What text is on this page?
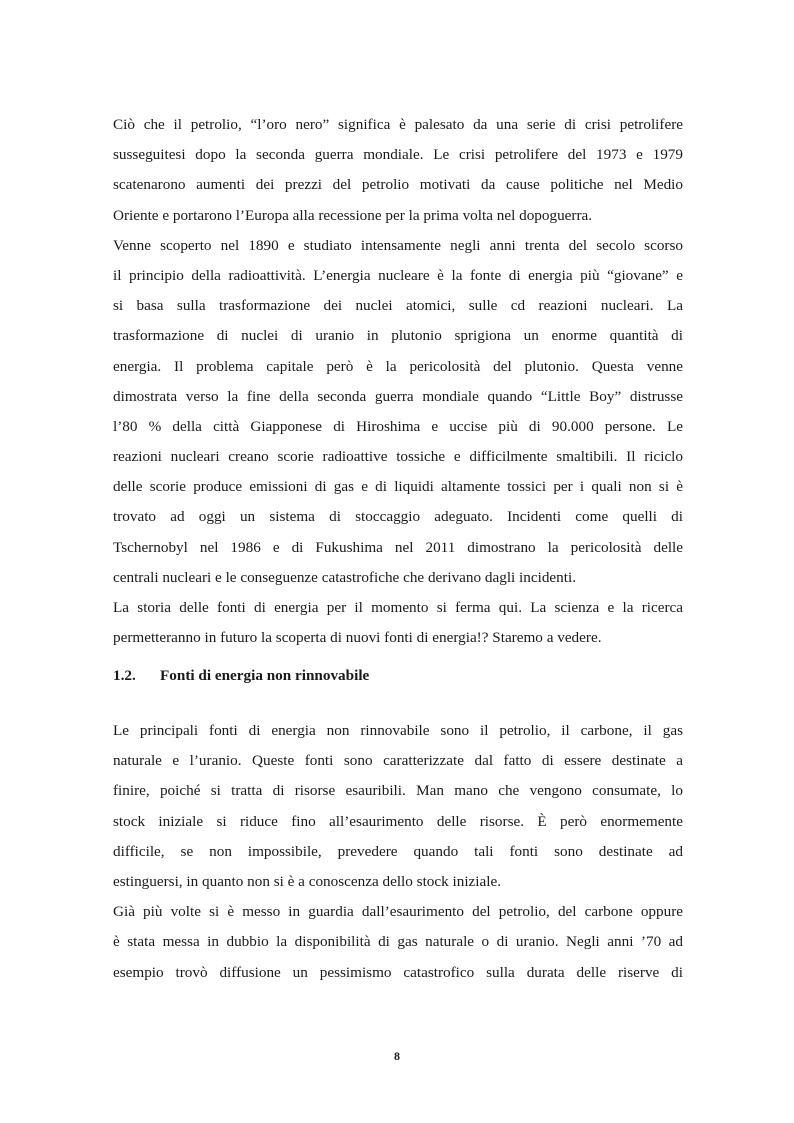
Ciò che il petrolio, “l’oro nero” significa è palesato da una serie di crisi petrolifere
susseguitesi dopo la seconda guerra mondiale. Le crisi petrolifere del 1973 e 1979
scatenarono aumenti dei prezzi del petrolio motivati da cause politiche nel Medio
Oriente e portarono l’Europa alla recessione per la prima volta nel dopoguerra.
Venne scoperto nel 1890 e studiato intensamente negli anni trenta del secolo scorso
il principio della radioattività. L’energia nucleare è la fonte di energia più “giovane” e
si basa sulla trasformazione dei nuclei atomici, sulle cd reazioni nucleari. La
trasformazione di nuclei di uranio in plutonio sprigiona un enorme quantità di
energia. Il problema capitale però è la pericolosità del plutonio. Questa venne
dimostrata verso la fine della seconda guerra mondiale quando “Little Boy” distrusse
l’80 % della città Giapponese di Hiroshima e uccise più di 90.000 persone. Le
reazioni nucleari creano scorie radioattive tossiche e difficilmente smaltibili. Il riciclo
delle scorie produce emissioni di gas e di liquidi altamente tossici per i quali non si è
trovato ad oggi un sistema di stoccaggio adeguato. Incidenti come quelli di
Tschernobyl nel 1986 e di Fukushima nel 2011 dimostrano la pericolosità delle
centrali nucleari e le conseguenze catastrofiche che derivano dagli incidenti.
La storia delle fonti di energia per il momento si ferma qui. La scienza e la ricerca
permetteranno in futuro la scoperta di nuovi fonti di energia!? Staremo a vedere.
1.2. Fonti di energia non rinnovabile
Le principali fonti di energia non rinnovabile sono il petrolio, il carbone, il gas
naturale e l’uranio. Queste fonti sono caratterizzate dal fatto di essere destinate a
finire, poiché si tratta di risorse esauribili. Man mano che vengono consumate, lo
stock iniziale si riduce fino all’esaurimento delle risorse. È però enormemente
difficile, se non impossibile, prevedere quando tali fonti sono destinate ad
estinguersi, in quanto non si è a conoscenza dello stock iniziale.
Già più volte si è messo in guardia dall’esaurimento del petrolio, del carbone oppure
è stata messa in dubbio la disponibilità di gas naturale o di uranio. Negli anni ’70 ad
esempio trovò diffusione un pessimismo catastrofico sulla durata delle riserve di
8
